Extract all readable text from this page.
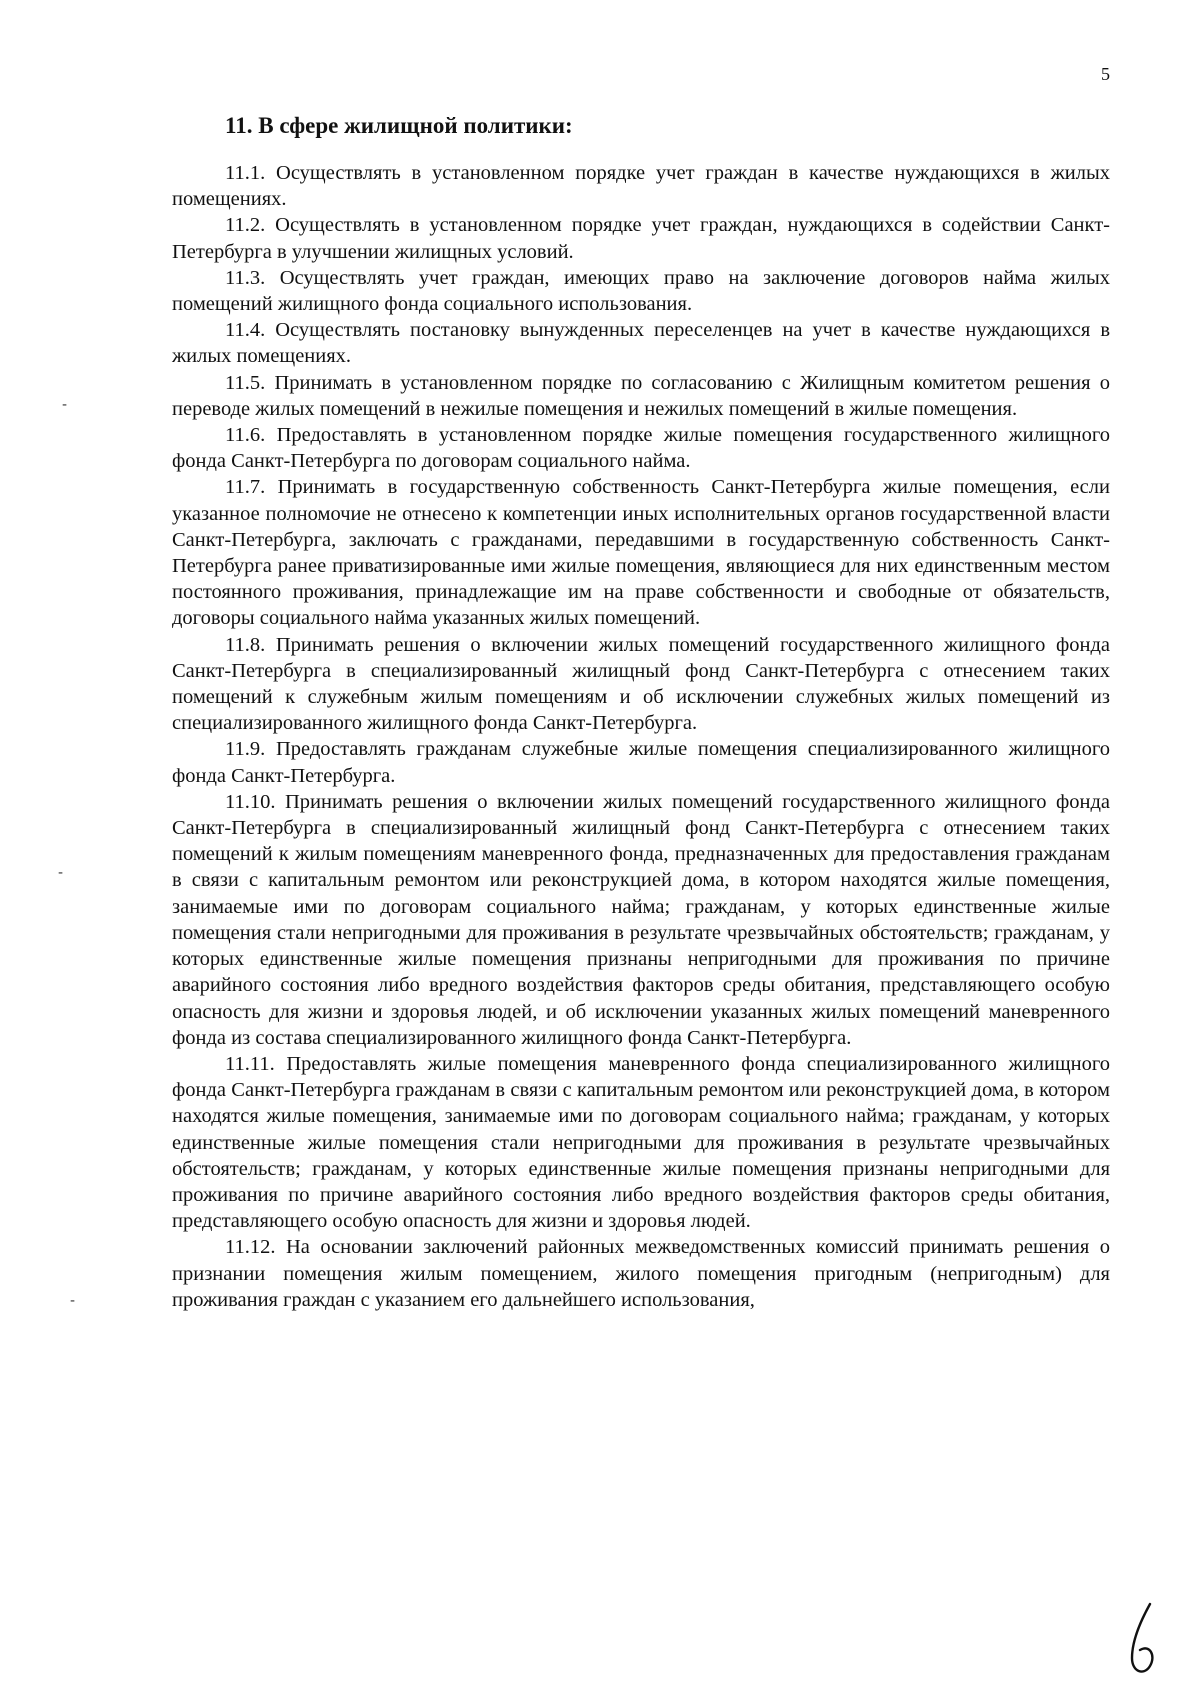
5
11. В сфере жилищной политики:

11.1. Осуществлять в установленном порядке учет граждан в качестве нуждающихся в жилых помещениях.

11.2. Осуществлять в установленном порядке учет граждан, нуждающихся в содействии Санкт-Петербурга в улучшении жилищных условий.

11.3. Осуществлять учет граждан, имеющих право на заключение договоров найма жилых помещений жилищного фонда социального использования.

11.4. Осуществлять постановку вынужденных переселенцев на учет в качестве нуждающихся в жилых помещениях.

11.5. Принимать в установленном порядке по согласованию с Жилищным комитетом решения о переводе жилых помещений в нежилые помещения и нежилых помещений в жилые помещения.

11.6. Предоставлять в установленном порядке жилые помещения государственного жилищного фонда Санкт-Петербурга по договорам социального найма.

11.7. Принимать в государственную собственность Санкт-Петербурга жилые помещения, если указанное полномочие не отнесено к компетенции иных исполнительных органов государственной власти Санкт-Петербурга, заключать с гражданами, передавшими в государственную собственность Санкт-Петербурга ранее приватизированные ими жилые помещения, являющиеся для них единственным местом постоянного проживания, принадлежащие им на праве собственности и свободные от обязательств, договоры социального найма указанных жилых помещений.

11.8. Принимать решения о включении жилых помещений государственного жилищного фонда Санкт-Петербурга в специализированный жилищный фонд Санкт-Петербурга с отнесением таких помещений к служебным жилым помещениям и об исключении служебных жилых помещений из специализированного жилищного фонда Санкт-Петербурга.

11.9. Предоставлять гражданам служебные жилые помещения специализированного жилищного фонда Санкт-Петербурга.

11.10. Принимать решения о включении жилых помещений государственного жилищного фонда Санкт-Петербурга в специализированный жилищный фонд Санкт-Петербурга с отнесением таких помещений к жилым помещениям маневренного фонда, предназначенных для предоставления гражданам в связи с капитальным ремонтом или реконструкцией дома, в котором находятся жилые помещения, занимаемые ими по договорам социального найма; гражданам, у которых единственные жилые помещения стали непригодными для проживания в результате чрезвычайных обстоятельств; гражданам, у которых единственные жилые помещения признаны непригодными для проживания по причине аварийного состояния либо вредного воздействия факторов среды обитания, представляющего особую опасность для жизни и здоровья людей, и об исключении указанных жилых помещений маневренного фонда из состава специализированного жилищного фонда Санкт-Петербурга.

11.11. Предоставлять жилые помещения маневренного фонда специализированного жилищного фонда Санкт-Петербурга гражданам в связи с капитальным ремонтом или реконструкцией дома, в котором находятся жилые помещения, занимаемые ими по договорам социального найма; гражданам, у которых единственные жилые помещения стали непригодными для проживания в результате чрезвычайных обстоятельств; гражданам, у которых единственные жилые помещения признаны непригодными для проживания по причине аварийного состояния либо вредного воздействия факторов среды обитания, представляющего особую опасность для жизни и здоровья людей.

11.12. На основании заключений районных межведомственных комиссий принимать решения о признании помещения жилым помещением, жилого помещения пригодным (непригодным) для проживания граждан с указанием его дальнейшего использования,

‑
‑
‑
